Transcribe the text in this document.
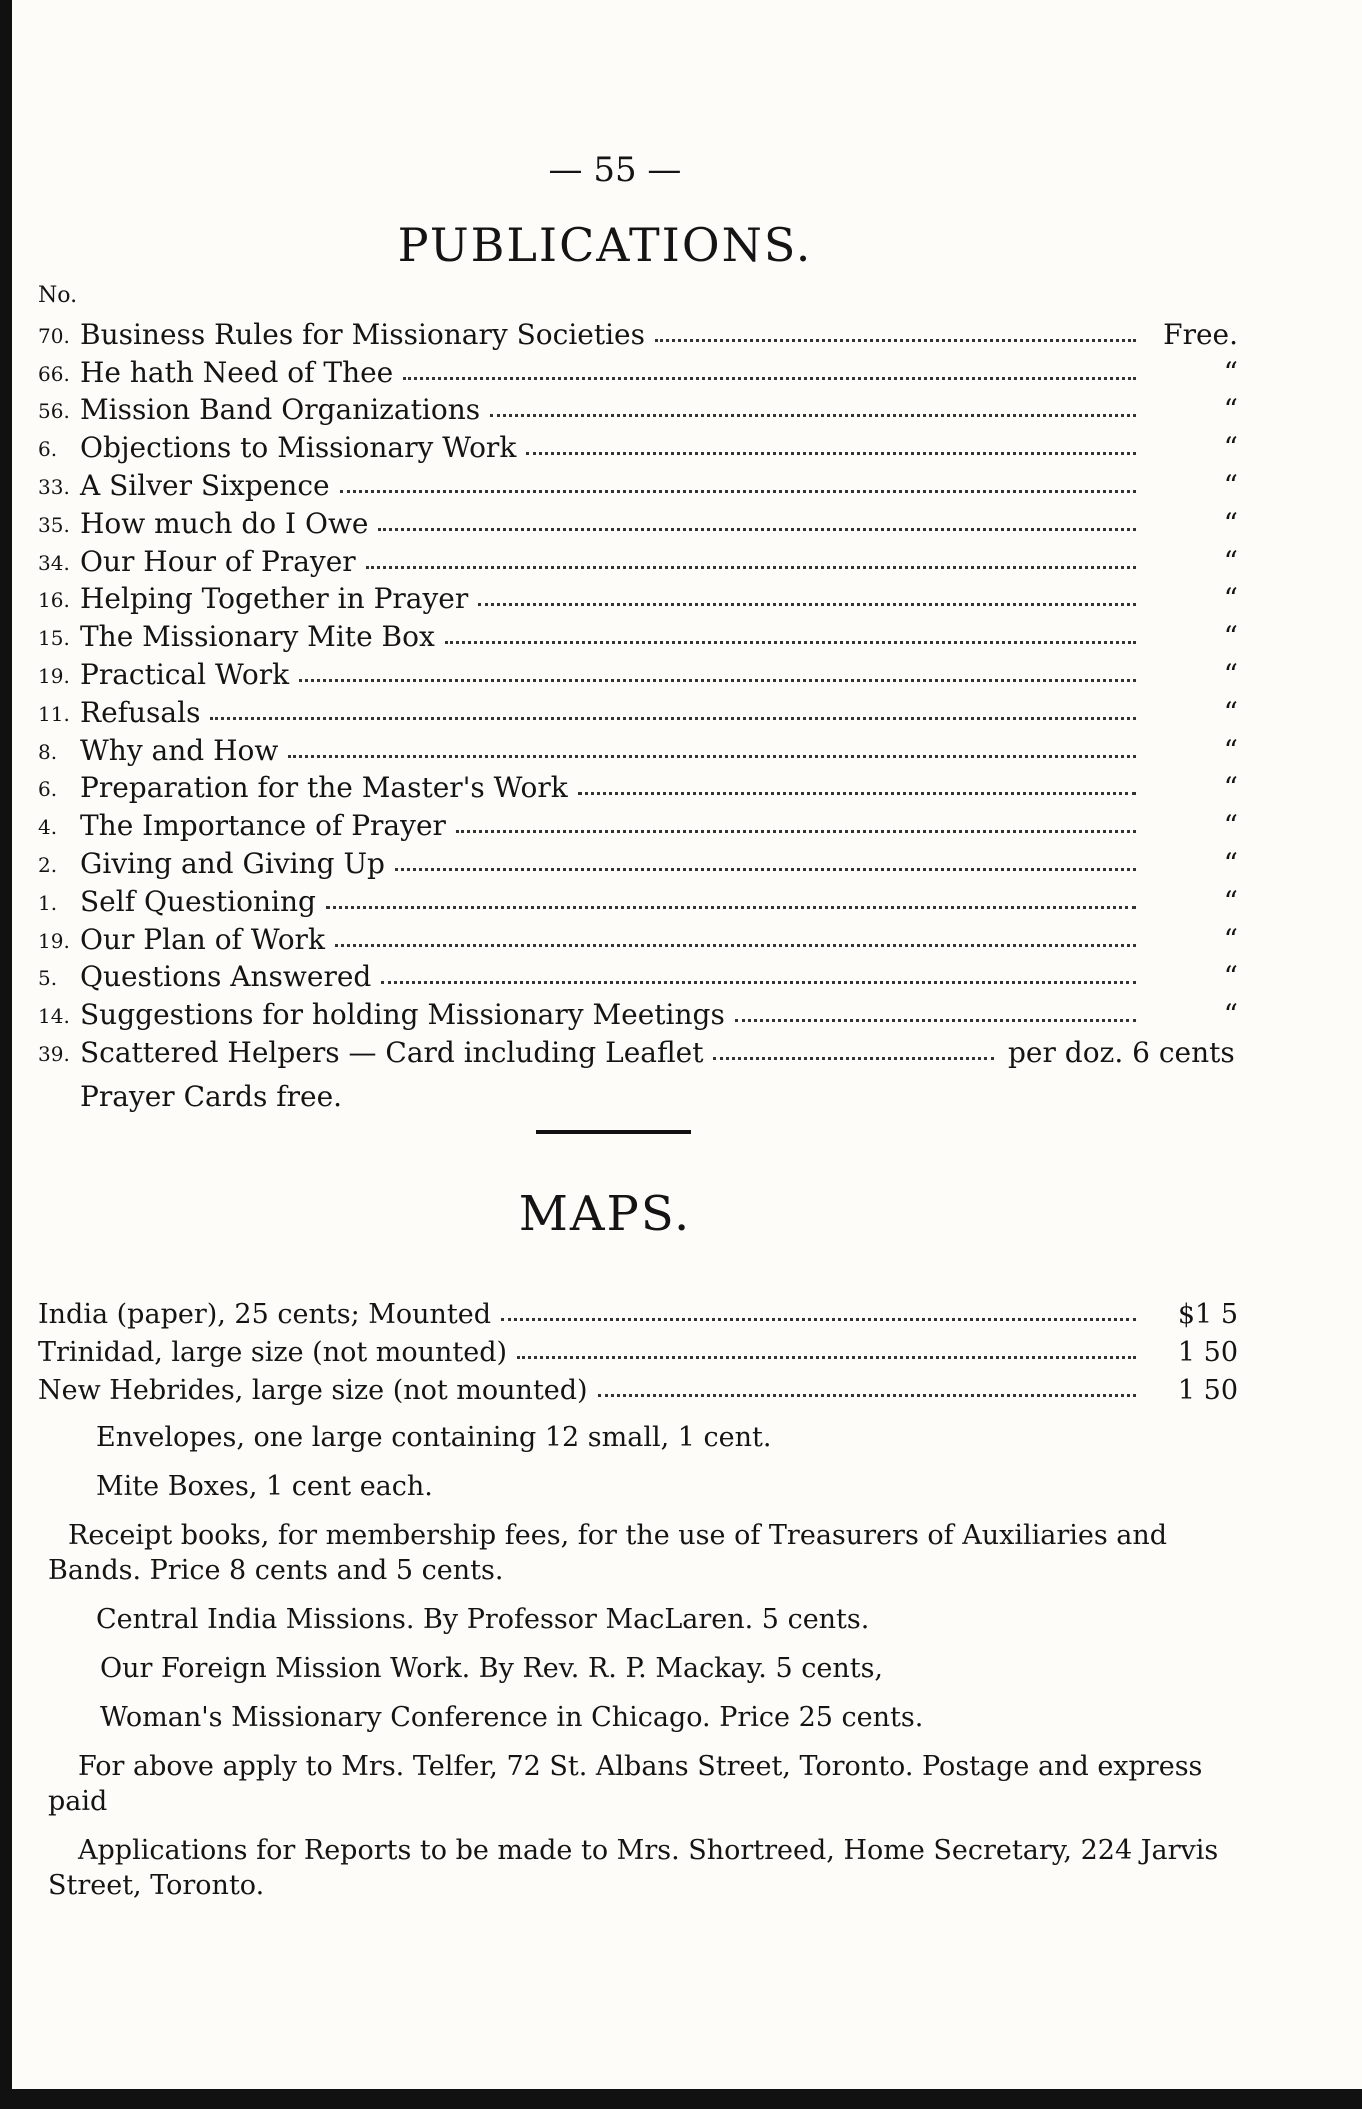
— 55 —
PUBLICATIONS.
No.
70. Business Rules for Missionary Societies	Free.
66. He hath Need of Thee	“
56. Mission Band Organizations	“
6. Objections to Missionary Work	“
33. A Silver Sixpence	“
35. How much do I Owe	“
34. Our Hour of Prayer	“
16. Helping Together in Prayer	“
15. The Missionary Mite Box	“
19. Practical Work	“
11. Refusals	“
8. Why and How	“
6. Preparation for the Master's Work	“
4. The Importance of Prayer	“
2. Giving and Giving Up	“
1. Self Questioning	“
19. Our Plan of Work	“
5. Questions Answered	“
14. Suggestions for holding Missionary Meetings	“
39. Scattered Helpers — Card including Leaflet	per doz. 6 cents
Prayer Cards free.
MAPS.
India (paper), 25 cents; Mounted	$1 5
Trinidad, large size (not mounted)	1 50
New Hebrides, large size (not mounted)	1 50

Envelopes, one large containing 12 small, 1 cent.

Mite Boxes, 1 cent each.

Receipt books, for membership fees, for the use of Treasurers of Auxiliaries and Bands. Price 8 cents and 5 cents.

Central India Missions. By Professor MacLaren. 5 cents.

Our Foreign Mission Work. By Rev. R. P. Mackay. 5 cents,

Woman's Missionary Conference in Chicago. Price 25 cents.

For above apply to Mrs. Telfer, 72 St. Albans Street, Toronto. Postage and express paid

Applications for Reports to be made to Mrs. Shortreed, Home Secretary, 224 Jarvis Street, Toronto.
